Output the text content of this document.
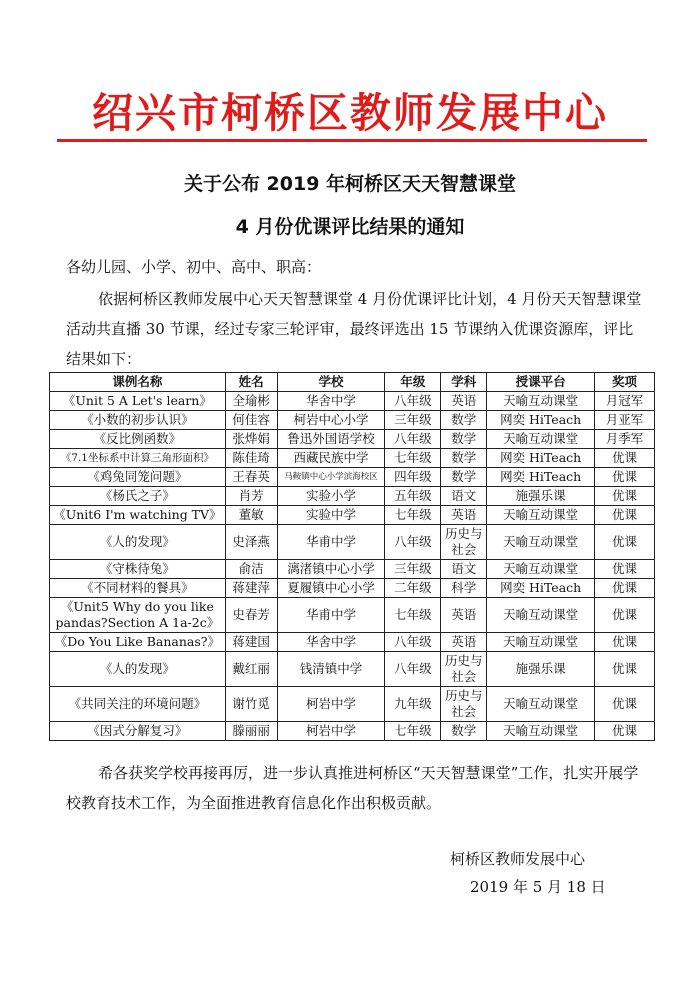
绍兴市柯桥区教师发展中心
关于公布 2019 年柯桥区天天智慧课堂
4 月份优课评比结果的通知
各幼儿园、小学、初中、高中、职高：
依据柯桥区教师发展中心天天智慧课堂 4 月份优课评比计划，4 月份天天智慧课堂活动共直播 30 节课，经过专家三轮评审，最终评选出 15 节课纳入优课资源库，评比结果如下：
课例名称	姓名	学校	年级	学科	授课平台	奖项
《Unit 5 A Let's learn》	全瑜彬	华舍中学	八年级	英语	天喻互动课堂	月冠军
《小数的初步认识》	何佳容	柯岩中心小学	三年级	数学	网奕 HiTeach	月亚军
《反比例函数》	张烨娟	鲁迅外国语学校	八年级	数学	天喻互动课堂	月季军
《7.1坐标系中计算三角形面积》	陈佳琦	西藏民族中学	七年级	数学	网奕 HiTeach	优课
《鸡兔同笼问题》	王春英	马鞍镇中心小学滨海校区	四年级	数学	网奕 HiTeach	优课
《杨氏之子》	肖芳	实验小学	五年级	语文	施强乐课	优课
《Unit6 I'm watching TV》	董敏	实验中学	七年级	英语	天喻互动课堂	优课
《人的发现》	史泽燕	华甫中学	八年级	历史与社会	天喻互动课堂	优课
《守株待兔》	俞洁	漓渚镇中心小学	三年级	语文	天喻互动课堂	优课
《不同材料的餐具》	蒋建萍	夏履镇中心小学	二年级	科学	网奕 HiTeach	优课
《Unit5 Why do you like pandas?Section A 1a-2c》	史春芳	华甫中学	七年级	英语	天喻互动课堂	优课
《Do You Like Bananas?》	蒋建国	华舍中学	八年级	英语	天喻互动课堂	优课
《人的发现》	戴红丽	钱清镇中学	八年级	历史与社会	施强乐课	优课
《共同关注的环境问题》	谢竹觅	柯岩中学	九年级	历史与社会	天喻互动课堂	优课
《因式分解复习》	滕丽丽	柯岩中学	七年级	数学	天喻互动课堂	优课
希各获奖学校再接再厉，进一步认真推进柯桥区“天天智慧课堂”工作，扎实开展学校教育技术工作，为全面推进教育信息化作出积极贡献。
柯桥区教师发展中心
2019 年 5 月 18 日
